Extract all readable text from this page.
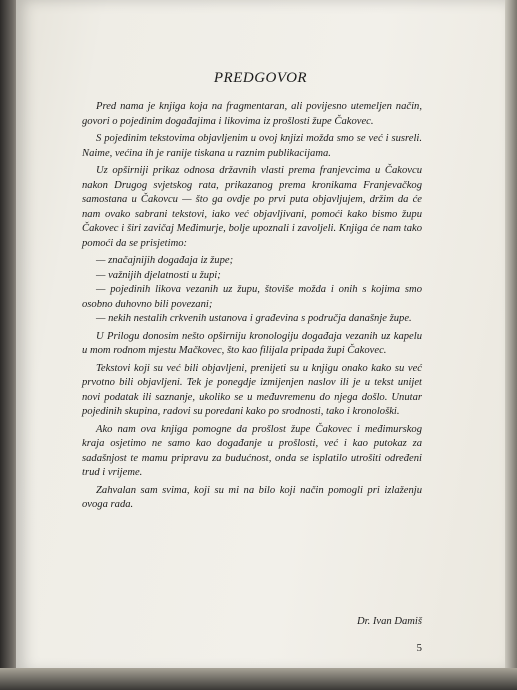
PREDGOVOR

Pred nama je knjiga koja na fragmentaran, ali povijesno utemeljen način, govori o pojedinim događajima i likovima iz prošlosti župe Čakovec.

S pojedinim tekstovima objavljenim u ovoj knjizi možda smo se već i susreli. Naime, većina ih je ranije tiskana u raznim publikacijama.

Uz opširniji prikaz odnosa državnih vlasti prema franjevcima u Čakovcu nakon Drugog svjetskog rata, prikazanog prema kronikama Franjevačkog samostana u Čakovcu — što ga ovdje po prvi puta objavljujem, držim da će nam ovako sabrani tekstovi, iako već objavljivani, pomoći kako bismo župu Čakovec i širi zavičaj Međimurje, bolje upoznali i zavoljeli. Knjiga će nam tako pomoći da se prisjetimo:

— značajnijih događaja iz župe;

— važnijih djelatnosti u župi;

— pojedinih likova vezanih uz župu, štoviše možda i onih s kojima smo osobno duhovno bili povezani;

— nekih nestalih crkvenih ustanova i građevina s područja današnje župe.

U Prilogu donosim nešto opširniju kronologiju događaja vezanih uz kapelu u mom rodnom mjestu Mačkovec, što kao filijala pripada župi Čakovec.

Tekstovi koji su već bili objavljeni, prenijeti su u knjigu onako kako su već prvotno bili objavljeni. Tek je ponegdje izmijenjen naslov ili je u tekst unijet novi podatak ili saznanje, ukoliko se u međuvremenu do njega došlo. Unutar pojedinih skupina, radovi su poredani kako po srodnosti, tako i kronološki.

Ako nam ova knjiga pomogne da prošlost župe Čakovec i međimurskog kraja osjetimo ne samo kao događanje u prošlosti, već i kao putokaz za sadašnjost te mamu pripravu za budućnost, onda se isplatilo utrošiti određeni trud i vrijeme.

Zahvalan sam svima, koji su mi na bilo koji način pomogli pri izlaženju ovoga rada.

Dr. Ivan Damiš
5
